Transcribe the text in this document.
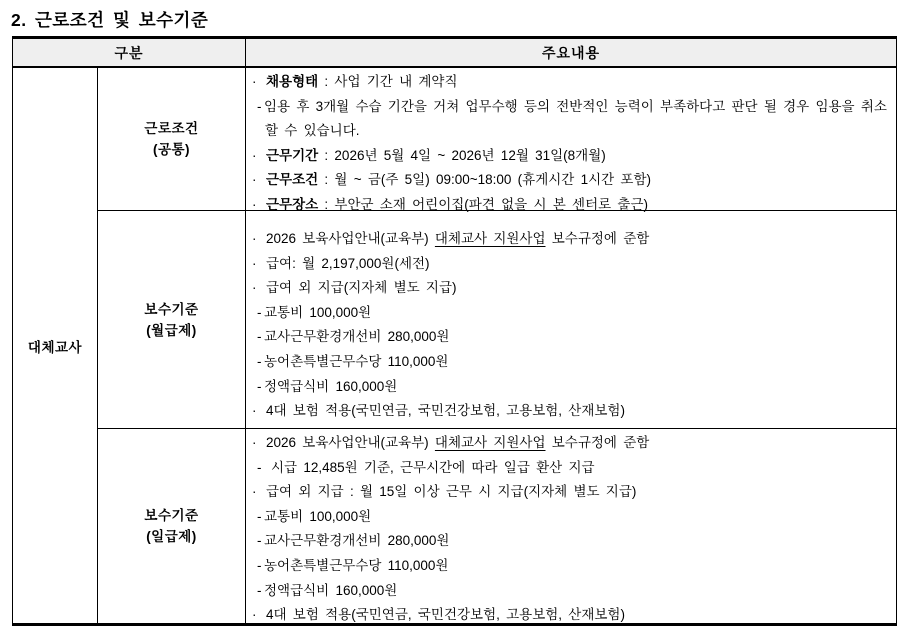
2. 근로조건 및 보수기준
구분	주요내용
대체교사
근로조건
(공통)
· 채용형태 : 사업 기간 내 계약직
- 임용 후 3개월 수습 기간을 거쳐 업무수행 등의 전반적인 능력이 부족하다고 판단 될 경우 임용을 취소할 수 있습니다.
· 근무기간 : 2026년 5월 4일 ~ 2026년 12월 31일(8개월)
· 근무조건 : 월 ~ 금(주 5일) 09:00~18:00 (휴게시간 1시간 포함)
· 근무장소 : 부안군 소재 어린이집(파견 없을 시 본 센터로 출근)
보수기준
(월급제)
· 2026 보육사업안내(교육부) 대체교사 지원사업 보수규정에 준함
· 급여: 월 2,197,000원(세전)
· 급여 외 지급(지자체 별도 지급)
- 교통비 100,000원
- 교사근무환경개선비 280,000원
- 농어촌특별근무수당 110,000원
- 정액급식비 160,000원
· 4대 보험 적용(국민연금, 국민건강보험, 고용보험, 산재보험)
보수기준
(일급제)
· 2026 보육사업안내(교육부) 대체교사 지원사업 보수규정에 준함
- 시급 12,485원 기준, 근무시간에 따라 일급 환산 지급
· 급여 외 지급 : 월 15일 이상 근무 시 지급(지자체 별도 지급)
- 교통비 100,000원
- 교사근무환경개선비 280,000원
- 농어촌특별근무수당 110,000원
- 정액급식비 160,000원
· 4대 보험 적용(국민연금, 국민건강보험, 고용보험, 산재보험)
